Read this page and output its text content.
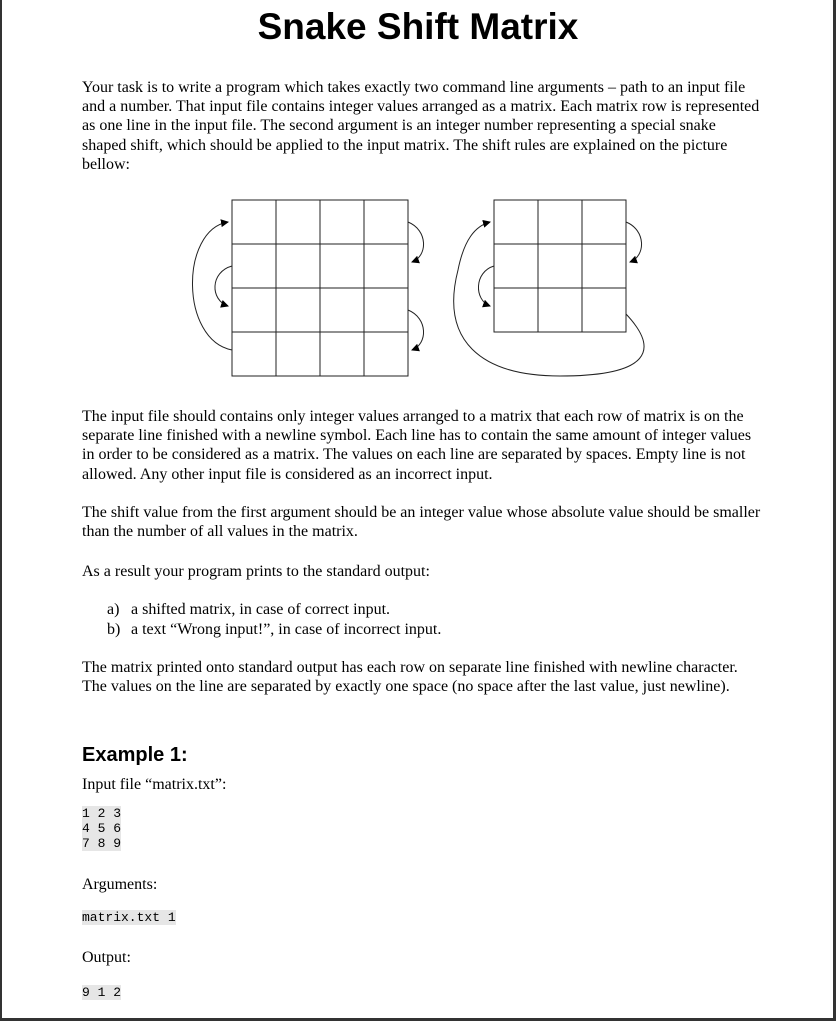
Snake Shift Matrix

Your task is to write a program which takes exactly two command line arguments – path to an input file and a number. That input file contains integer values arranged as a matrix. Each matrix row is represented as one line in the input file. The second argument is an integer number representing a special snake shaped shift, which should be applied to the input matrix. The shift rules are explained on the picture bellow:

The input file should contains only integer values arranged to a matrix that each row of matrix is on the separate line finished with a newline symbol. Each line has to contain the same amount of integer values in order to be considered as a matrix. The values on each line are separated by spaces. Empty line is not allowed. Any other input file is considered as an incorrect input.

The shift value from the first argument should be an integer value whose absolute value should be smaller than the number of all values in the matrix.

As a result your program prints to the standard output:

a) a shifted matrix, in case of correct input.
b) a text “Wrong input!”, in case of incorrect input.

The matrix printed onto standard output has each row on separate line finished with newline character. The values on the line are separated by exactly one space (no space after the last value, just newline).

Example 1:

Input file “matrix.txt”:

1 2 3
4 5 6
7 8 9

Arguments:

matrix.txt 1

Output:

9 1 2
